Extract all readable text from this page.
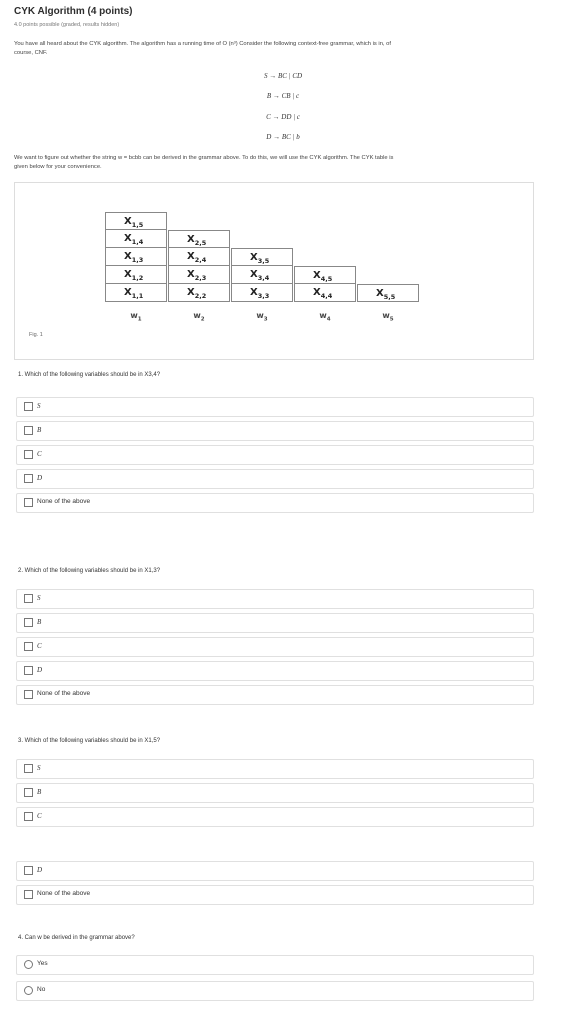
CYK Algorithm (4 points)
4.0 points possible (graded, results hidden)
You have all heard about the CYK algorithm. The algorithm has a running time of O (n³) Consider the following context-free grammar, which is in, of
course, CNF.
S → BC | CD
B → CB | c
C → DD | c
D → BC | b
We want to figure out whether the string w = bcbb can be derived in the grammar above. To do this, we will use the CYK algorithm. The CYK table is
given below for your convenience.
$X_{1,5}$
$X_{1,4}$
$X_{1,3}$
$X_{1,2}$
$X_{1,1}$
$w_1$
$X_{2,5}$
$X_{2,4}$
$X_{2,3}$
$X_{2,2}$
$w_2$
$X_{3,5}$
$X_{3,4}$
$X_{3,3}$
$w_3$
$X_{4,5}$
$X_{4,4}$
$w_4$
$X_{5,5}$
$w_5$
Fig. 1
1. Which of the following variables should be in X3,4?
S
B
C
D
None of the above
2. Which of the following variables should be in X1,3?
S
B
C
D
None of the above
3. Which of the following variables should be in X1,5?
S
B
C
D
None of the above
4. Can w be derived in the grammar above?
Yes
No
